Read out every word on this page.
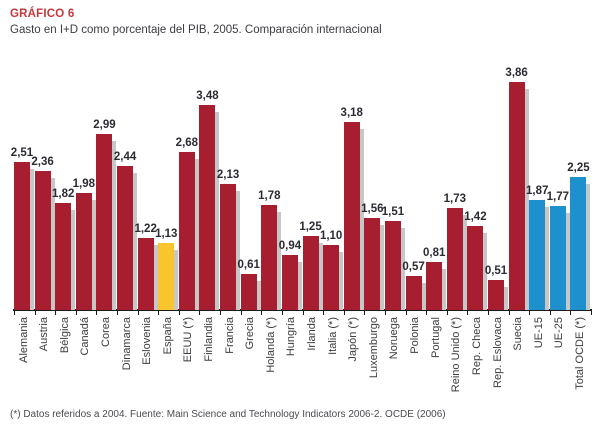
GRÁFICO 6
Gasto en I+D como porcentaje del PIB, 2005. Comparación internacional
2,51
Alemania
2,36
Austria
1,82
Bélgica
1,98
Canadá
2,99
Corea
2,44
Dinamarca
1,22
Eslovenia
1,13
España
2,68
EEUU (*)
3,48
Finlandia
2,13
Francia
0,61
Grecia
1,78
Holanda (*)
0,94
Hungría
1,25
Irlanda
1,10
Italia (*)
3,18
Japón (*)
1,56
Luxemburgo
1,51
Noruega
0,57
Polonia
0,81
Portugal
1,73
Reino Unido (*)
1,42
Rep. Checa
0,51
Rep. Eslovaca
3,86
Suecia
1,87
UE-15
1,77
UE-25
2,25
Total OCDE (*)
(*) Datos referidos a 2004. Fuente: Main Science and Technology Indicators 2006-2. OCDE (2006)
